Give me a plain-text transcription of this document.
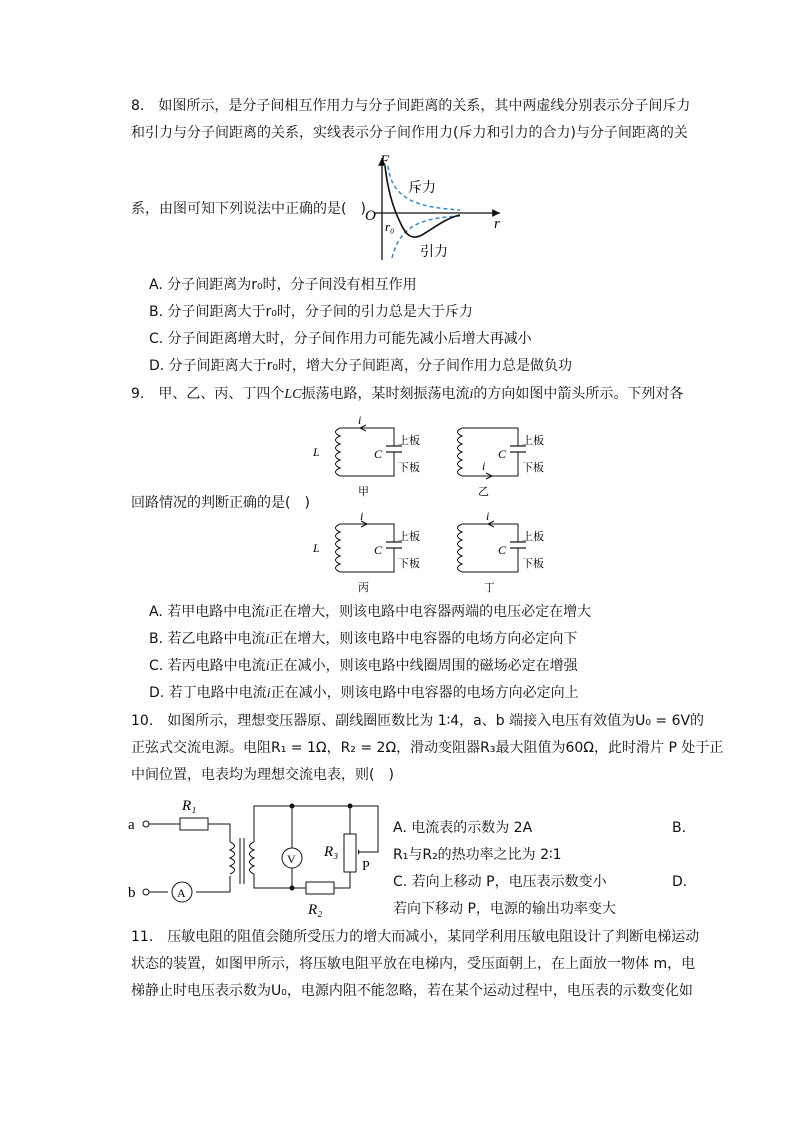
8.　如图所示，是分子间相互作用力与分子间距离的关系，其中两虚线分别表示分子间斥力
和引力与分子间距离的关系，实线表示分子间作用力(斥力和引力的合力)与分子间距离的关
系，由图可知下列说法中正确的是(　)
F
r
O
r₀
斥力
引力
A. 分子间距离为r₀时，分子间没有相互作用
B. 分子间距离大于r₀时，分子间的引力总是大于斥力
C. 分子间距离增大时，分子间作用力可能先减小后增大再减小
D. 分子间距离大于r₀时，增大分子间距离，分子间作用力总是做负功
9.　甲、乙、丙、丁四个LC振荡电路，某时刻振荡电流i的方向如图中箭头所示。下列对各
回路情况的判断正确的是(　)
i
L	C
上板
下板
甲
i
C
上板
下板
乙
i
L	C
上板
下板
丙
i
C
上板
下板
丁
A. 若甲电路中电流i正在增大，则该电路中电容器两端的电压必定在增大
B. 若乙电路中电流i正在增大，则该电路中电容器的电场方向必定向下
C. 若丙电路中电流i正在减小，则该电路中线圈周围的磁场必定在增强
D. 若丁电路中电流i正在减小，则该电路中电容器的电场方向必定向上
10.　如图所示，理想变压器原、副线圈匝数比为 1∶4，a、b 端接入电压有效值为U₀ = 6V的
正弦式交流电源。电阻R₁ = 1Ω，R₂ = 2Ω，滑动变阻器R₃最大阻值为60Ω，此时滑片 P 处于正
中间位置，电表均为理想交流电表，则(　)
A
V
a
b
R₁
R₂
R₃
P
A. 电流表的示数为 2A	B.
R₁与R₂的热功率之比为 2∶1
C. 若向上移动 P，电压表示数变小	D.
若向下移动 P，电源的输出功率变大
11.　压敏电阻的阻值会随所受压力的增大而减小，某同学利用压敏电阻设计了判断电梯运动
状态的装置，如图甲所示，将压敏电阻平放在电梯内，受压面朝上，在上面放一物体 m，电
梯静止时电压表示数为U₀，电源内阻不能忽略，若在某个运动过程中，电压表的示数变化如
